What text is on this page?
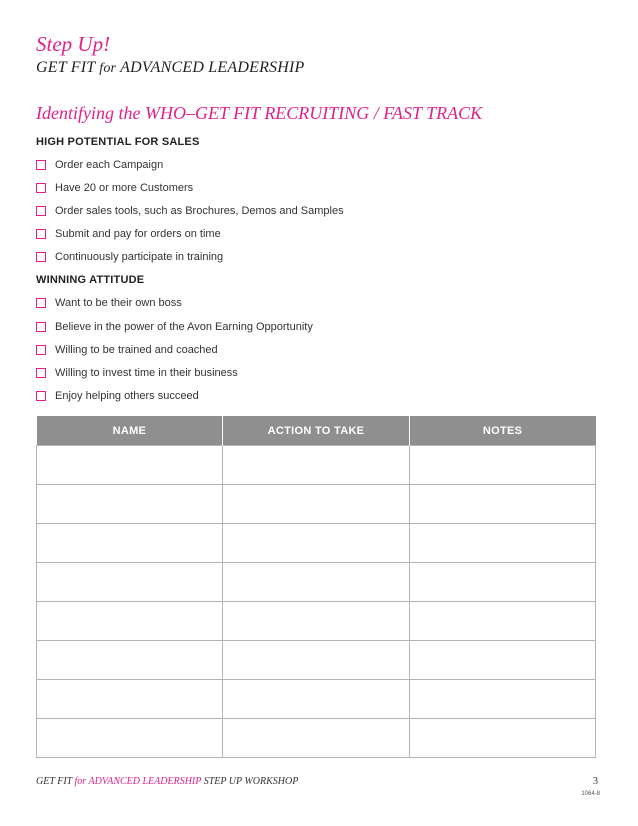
Step Up!
GET FIT for ADVANCED LEADERSHIP
Identifying the WHO–GET FIT RECRUITING / FAST TRACK
HIGH POTENTIAL FOR SALES
Order each Campaign
Have 20 or more Customers
Order sales tools, such as Brochures, Demos and Samples
Submit and pay for orders on time
Continuously participate in training
WINNING ATTITUDE
Want to be their own boss
Believe in the power of the Avon Earning Opportunity
Willing to be trained and coached
Willing to invest time in their business
Enjoy helping others succeed
NAME	ACTION TO TAKE	NOTES

GET FIT for ADVANCED LEADERSHIP STEP UP WORKSHOP	3
1064-8
